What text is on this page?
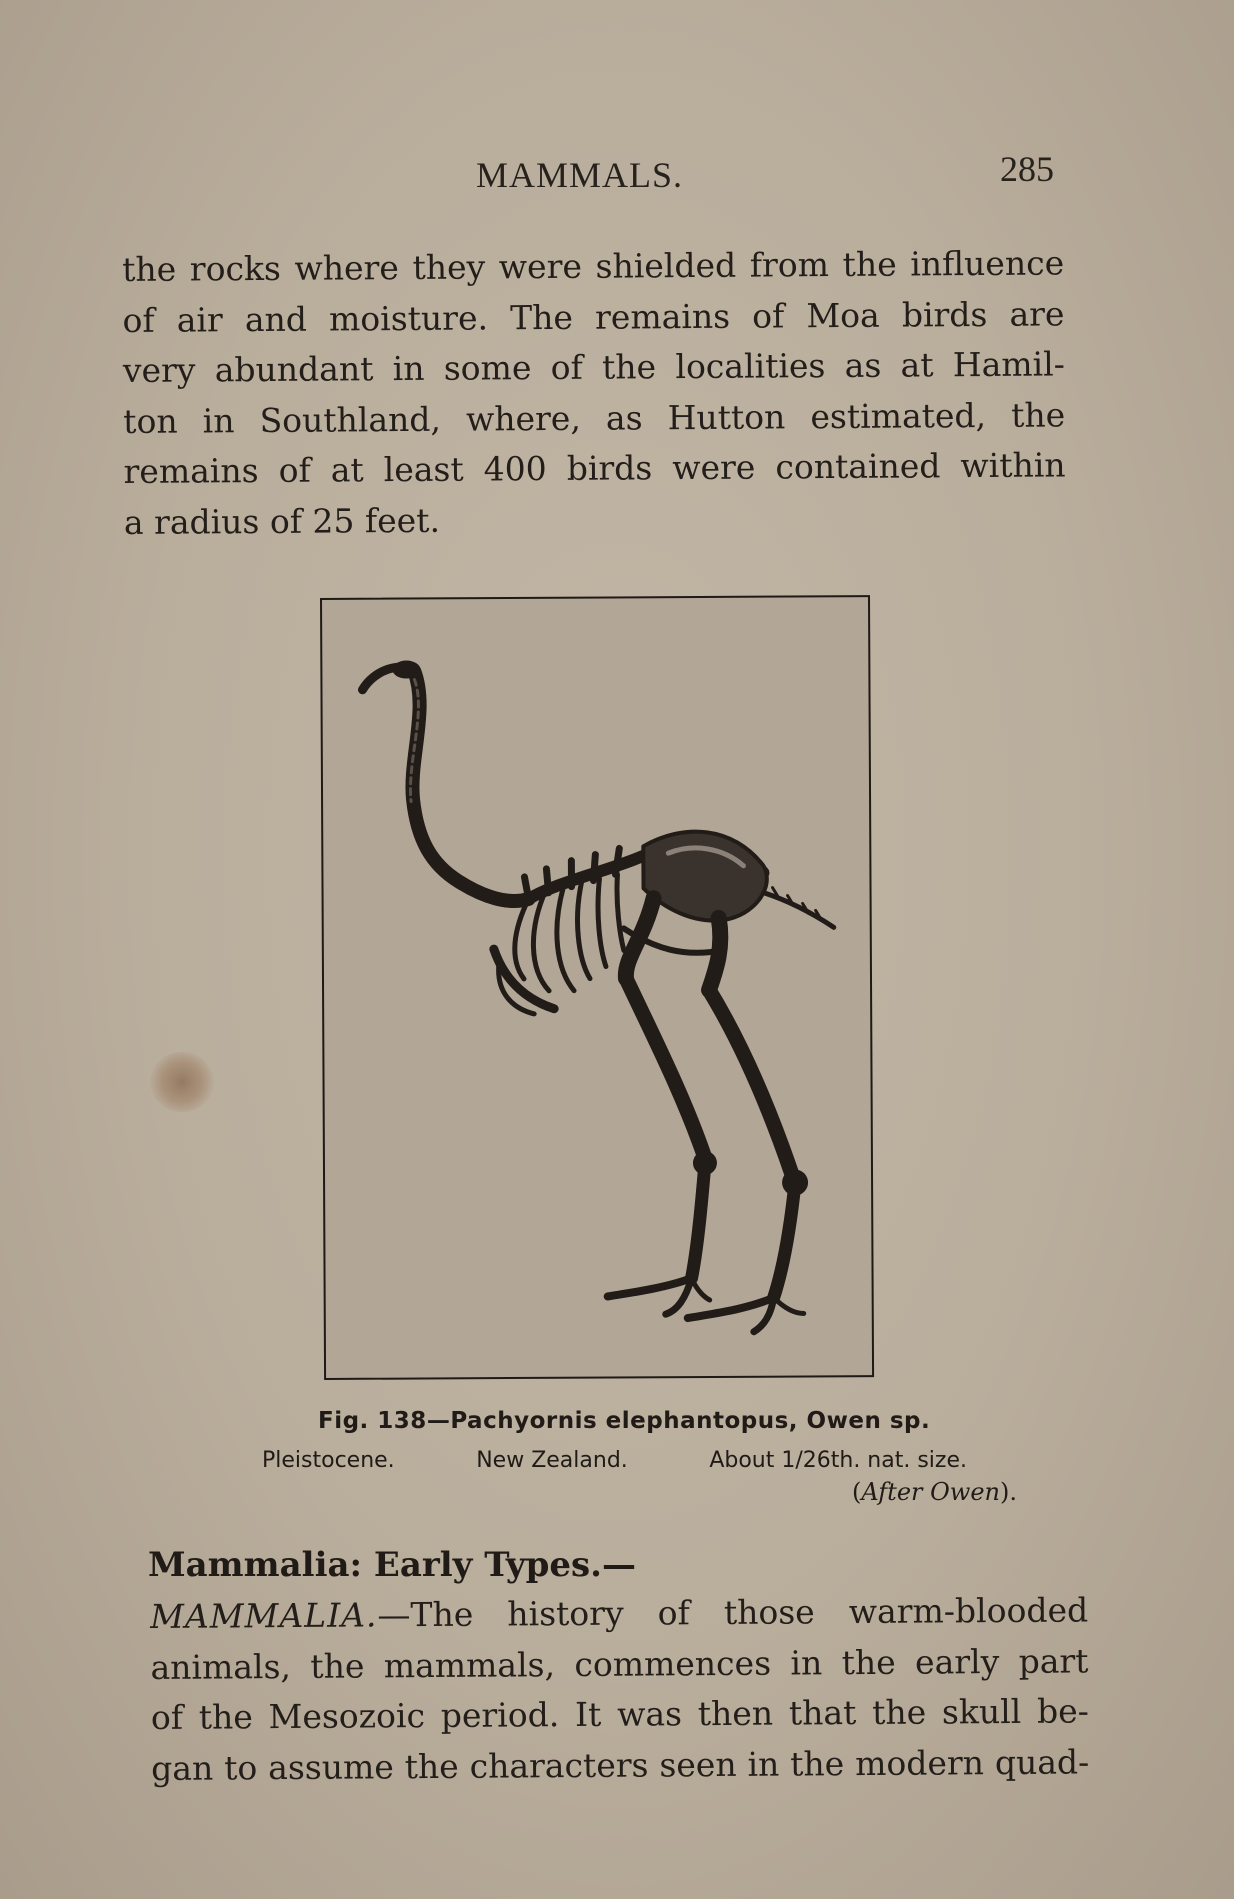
MAMMALS.	285

the rocks where they were shielded from the influence
of air and moisture. The remains of Moa birds are
very abundant in some of the localities as at Hamil-
ton in Southland, where, as Hutton estimated, the
remains of at least 400 birds were contained within
a radius of 25 feet.

Fig. 138—Pachyornis elephantopus, Owen sp.
Pleistocene.	New Zealand.	About 1/26th. nat. size.
(After Owen).
Mammalia: Early Types.—

MAMMALIA.—The history of those warm-blooded
animals, the mammals, commences in the early part
of the Mesozoic period. It was then that the skull be-
gan to assume the characters seen in the modern quad-
